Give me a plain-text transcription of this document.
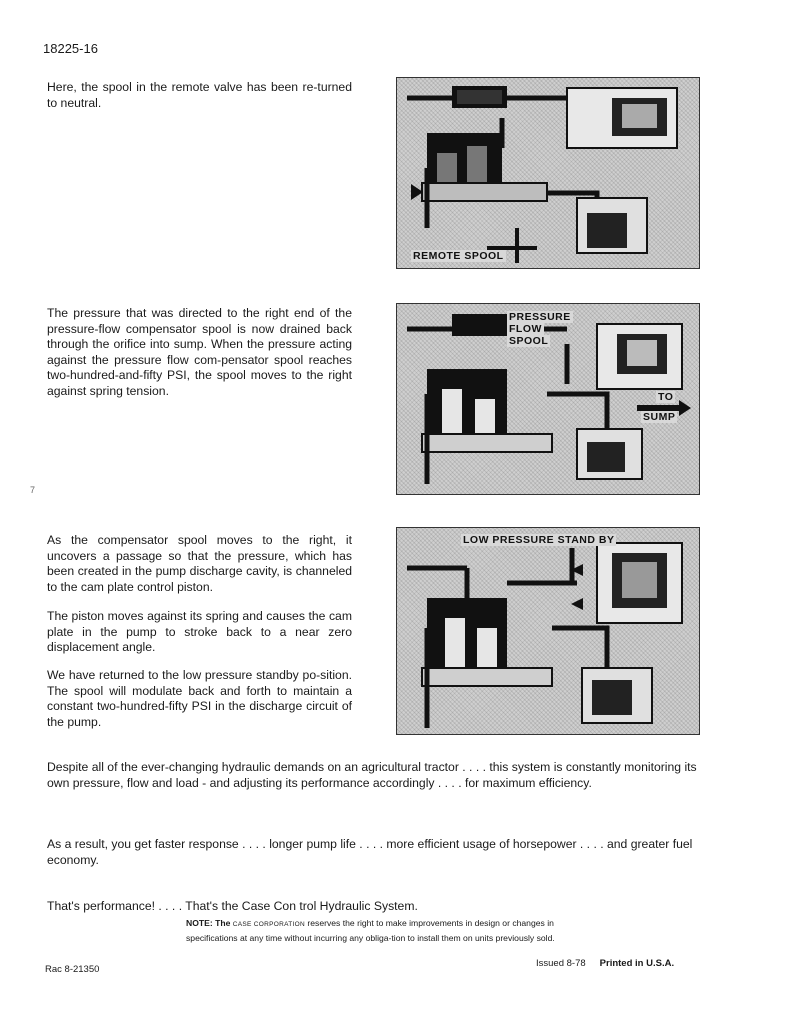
18225-16

Here, the spool in the remote valve has been re-turned to neutral.

The pressure that was directed to the right end of the pressure-flow compensator spool is now drained back through the orifice into sump. When the pressure acting against the pressure flow com-pensator spool reaches two-hundred-and-fifty PSI, the spool moves to the right against spring tension.

7

As the compensator spool moves to the right, it uncovers a passage so that the pressure, which has been created in the pump discharge cavity, is channeled to the cam plate control piston.

The piston moves against its spring and causes the cam plate in the pump to stroke back to a near zero displacement angle.

We have returned to the low pressure standby po-sition. The spool will modulate back and forth to maintain a constant two-hundred-fifty PSI in the discharge circuit of the pump.

REMOTE SPOOL
PRESSURE
FLOW
SPOOL
TO
SUMP
LOW PRESSURE STAND BY

Despite all of the ever-changing hydraulic demands on an agricultural tractor . . . . this system is constantly monitoring its own pressure, flow and load - and adjusting its performance accordingly . . . . for maximum efficiency.

As a result, you get faster response . . . . longer pump life . . . . more efficient usage of horsepower . . . . and greater fuel economy.

That's performance! . . . . That's the Case Con trol Hydraulic System.

NOTE: The CASE CORPORATION reserves the right to make improvements in design or changes in specifications at any time without incurring any obliga-tion to install them on units previously sold.
Rac 8-21350
Issued 8-78 Printed in U.S.A.
